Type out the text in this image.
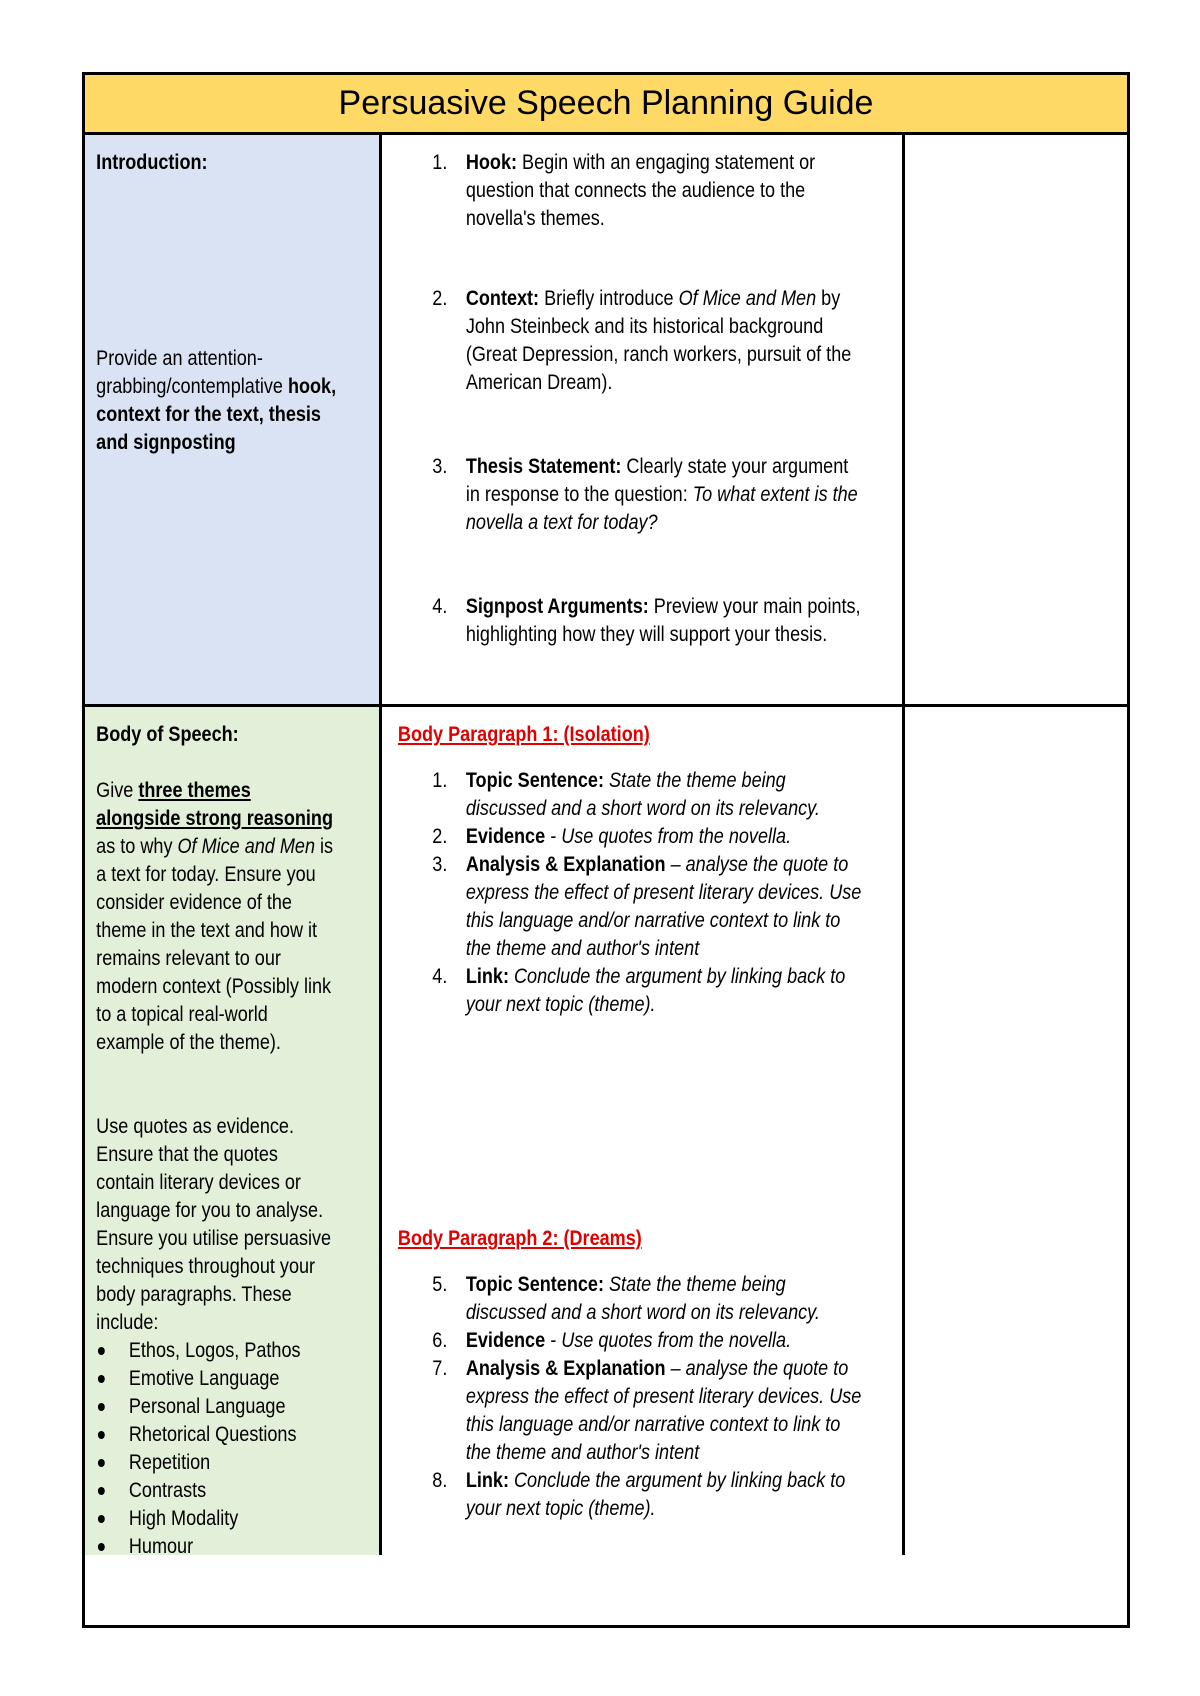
Persuasive Speech Planning Guide
Introduction:
Provide an attention-grabbing/contemplative hook, context for the text, thesis and signposting
1. Hook: Begin with an engaging statement or question that connects the audience to the novella's themes.
2. Context: Briefly introduce Of Mice and Men by John Steinbeck and its historical background (Great Depression, ranch workers, pursuit of the American Dream).
3. Thesis Statement: Clearly state your argument in response to the question: To what extent is the novella a text for today?
4. Signpost Arguments: Preview your main points, highlighting how they will support your thesis.
Body of Speech:
Give three themes alongside strong reasoning as to why Of Mice and Men is a text for today. Ensure you consider evidence of the theme in the text and how it remains relevant to our modern context (Possibly link to a topical real-world example of the theme).
Use quotes as evidence. Ensure that the quotes contain literary devices or language for you to analyse. Ensure you utilise persuasive techniques throughout your body paragraphs. These include:
Ethos, Logos, Pathos
Emotive Language
Personal Language
Rhetorical Questions
Repetition
Contrasts
High Modality
Humour
Body Paragraph 1: (Isolation)
1. Topic Sentence: State the theme being discussed and a short word on its relevancy.
2. Evidence - Use quotes from the novella.
3. Analysis & Explanation – analyse the quote to express the effect of present literary devices. Use this language and/or narrative context to link to the theme and author's intent
4. Link: Conclude the argument by linking back to your next topic (theme).
Body Paragraph 2: (Dreams)
5. Topic Sentence: State the theme being discussed and a short word on its relevancy.
6. Evidence - Use quotes from the novella.
7. Analysis & Explanation – analyse the quote to express the effect of present literary devices. Use this language and/or narrative context to link to the theme and author's intent
8. Link: Conclude the argument by linking back to your next topic (theme).
